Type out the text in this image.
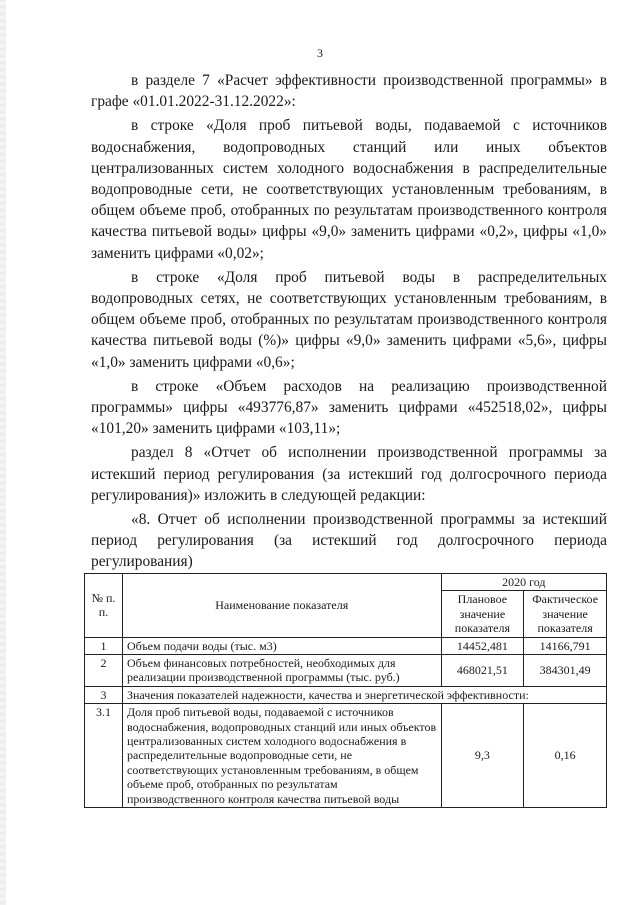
3

в разделе 7 «Расчет эффективности производственной программы» в графе «01.01.2022-31.12.2022»:

в строке «Доля проб питьевой воды, подаваемой с источников водоснабжения, водопроводных станций или иных объектов централизованных систем холодного водоснабжения в распределительные водопроводные сети, не соответствующих установленным требованиям, в общем объеме проб, отобранных по результатам производственного контроля качества питьевой воды» цифры «9,0» заменить цифрами «0,2», цифры «1,0» заменить цифрами «0,02»;

в строке «Доля проб питьевой воды в распределительных водопроводных сетях, не соответствующих установленным требованиям, в общем объеме проб, отобранных по результатам производственного контроля качества питьевой воды (%)» цифры «9,0» заменить цифрами «5,6», цифры «1,0» заменить цифрами «0,6»;

в строке «Объем расходов на реализацию производственной программы» цифры «493776,87» заменить цифрами «452518,02», цифры «101,20» заменить цифрами «103,11»;

раздел 8 «Отчет об исполнении производственной программы за истекший период регулирования (за истекший год долгосрочного периода регулирования)» изложить в следующей редакции:

«8. Отчет об исполнении производственной программы за истекший период регулирования (за истекший год долгосрочного периода регулирования)

№ п. п.	Наименование показателя	2020 год	
		Плановое значение показателя	Фактическое значение показателя
1	Объем подачи воды (тыс. м3)	14452,481	14166,791
2	Объем финансовых потребностей, необходимых для реализации производственной программы (тыс. руб.)	468021,51	384301,49
3	Значения показателей надежности, качества и энергетической эффективности:		
3.1	Доля проб питьевой воды, подаваемой с источников водоснабжения, водопроводных станций или иных объектов централизованных систем холодного водоснабжения в распределительные водопроводные сети, не соответствующих установленным требованиям, в общем объеме проб, отобранных по результатам производственного контроля качества питьевой воды	9,3	0,16
